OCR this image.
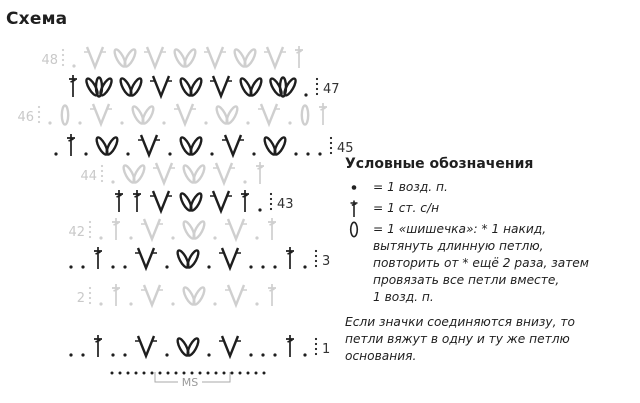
Схема
1
2
3
42
43
44
45
46
47
48
MS
Условные обозначения
= 1 возд. п.
= 1 ст. с/н
= 1 «шишечка»: * 1 накид,
вытянуть длинную петлю,
повторить от * ещё 2 раза, затем
провязать все петли вместе,
1 возд. п.
Если значки соединяются внизу, то
петли вяжут в одну и ту же петлю
основания.
